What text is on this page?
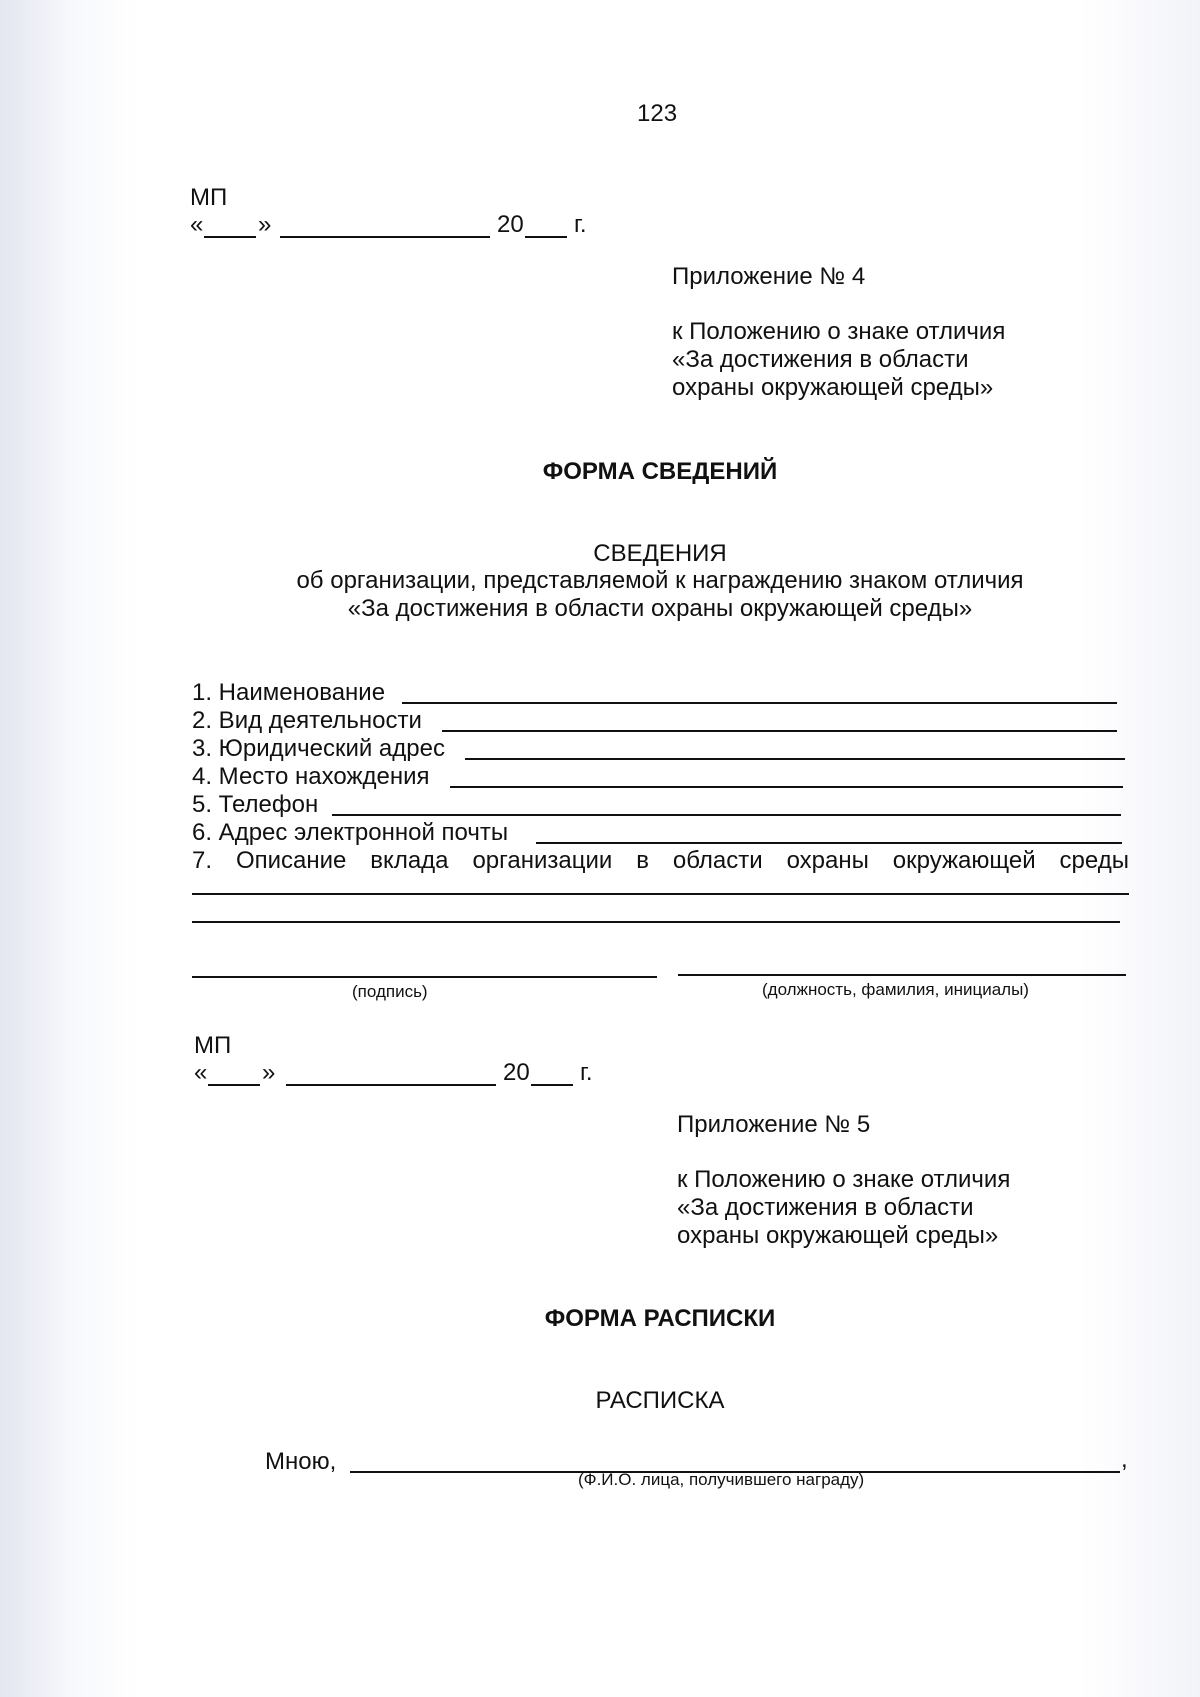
123
МП
« »	20 г.
Приложение № 4
к Положению о знаке отличия
«За достижения в области
охраны окружающей среды»
ФОРМА СВЕДЕНИЙ
СВЕДЕНИЯ
об организации, представляемой к награждению знаком отличия
«За достижения в области охраны окружающей среды»
1. Наименование
2. Вид деятельности
3. Юридический адрес
4. Место нахождения
5. Телефон
6. Адрес электронной почты
7. Описание вклада организации в области охраны окружающей среды
(подпись)	(должность, фамилия, инициалы)
МП
« »	20 г.
Приложение № 5
к Положению о знаке отличия
«За достижения в области
охраны окружающей среды»
ФОРМА РАСПИСКИ
РАСПИСКА
Мною,	,
(Ф.И.О. лица, получившего награду)
